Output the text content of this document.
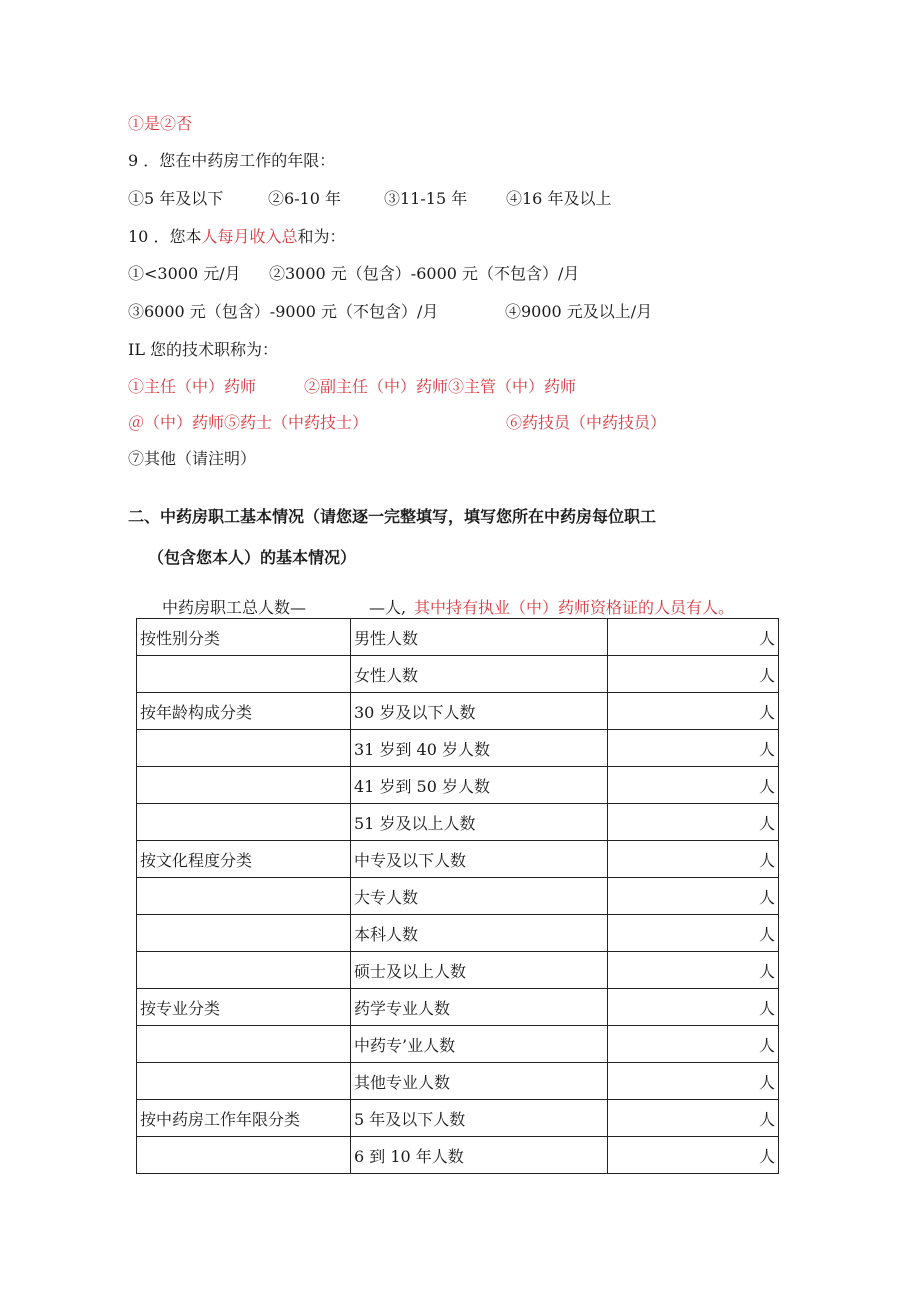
①是②否
9 ．您在中药房工作的年限：
①5 年及以下	②6-10 年	③11-15 年 ④16 年及以上
10 ．您本人每月收入总和为：
①<3000 元/月 ②3000 元（包含）-6000 元（不包含）/月
③6000 元（包含）-9000 元（不包含）/月	④9000 元及以上/月
IL 您的技术职称为：
①主任（中）药师	②副主任（中）药师③主管（中）药师
＠（中）药师⑤药士（中药技士）	⑥药技员（中药技员）
⑦其他（请注明）
二、中药房职工基本情况（请您逐一完整填写，填写您所在中药房每位职工
（包含您本人）的基本情况）
中药房职工总人数—	—人, 其中持有执业（中）药师资格证的人员有人。
按性别分类	男性人数	人
	女性人数	人
按年龄构成分类	30 岁及以下人数	人
	31 岁到 40 岁人数	人
	41 岁到 50 岁人数	人
	51 岁及以上人数	人
按文化程度分类	中专及以下人数	人
	大专人数	人
	本科人数	人
	硕士及以上人数	人
按专业分类	药学专业人数	人
	中药专’业人数	人
	其他专业人数	人
按中药房工作年限分类	5 年及以下人数	人
	6 到 10 年人数	人
